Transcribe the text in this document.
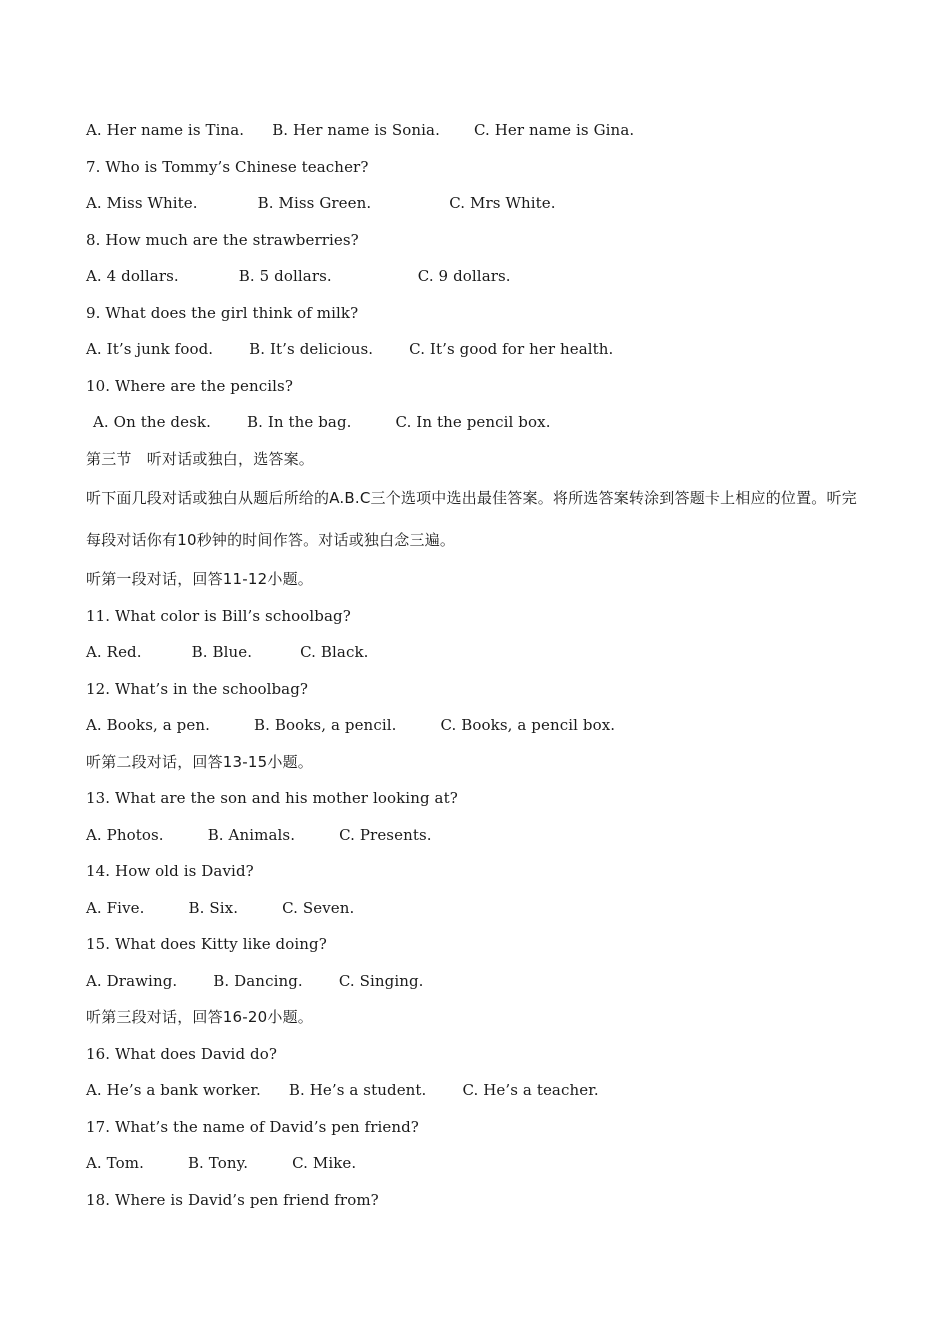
A. Her name is Tina. B. Her name is Sonia. C. Her name is Gina.
7. Who is Tommy’s Chinese teacher?
A. Miss White.	B. Miss Green.	C. Mrs White.
8. How much are the strawberries?
A. 4 dollars.	B. 5 dollars.	C. 9 dollars.
9. What does the girl think of milk?
A. It’s junk food. B. It’s delicious. C. It’s good for her health.
10. Where are the pencils?
A. On the desk. B. In the bag.	C. In the pencil box.
第三节　听对话或独白，选答案。
听下面几段对话或独白从题后所给的A.B.C三个选项中选出最佳答案。将所选答案转涂到答题卡上相应的位置。听完每段对话你有10秒钟的时间作答。对话或独白念三遍。
听第一段对话，回答11-12小题。
11. What color is Bill’s schoolbag?
A. Red.	B. Blue.	C. Black.
12. What’s in the schoolbag?
A. Books, a pen.	B. Books, a pencil.	C. Books, a pencil box.
听第二段对话，回答13-15小题。
13. What are the son and his mother looking at?
A. Photos.	B. Animals.	C. Presents.
14. How old is David?
A. Five.	B. Six.	C. Seven.
15. What does Kitty like doing?
A. Drawing. B. Dancing. C. Singing.
听第三段对话，回答16-20小题。
16. What does David do?
A. He’s a bank worker. B. He’s a student. C. He’s a teacher.
17. What’s the name of David’s pen friend?
A. Tom.	B. Tony.	C. Mike.
18. Where is David’s pen friend from?
